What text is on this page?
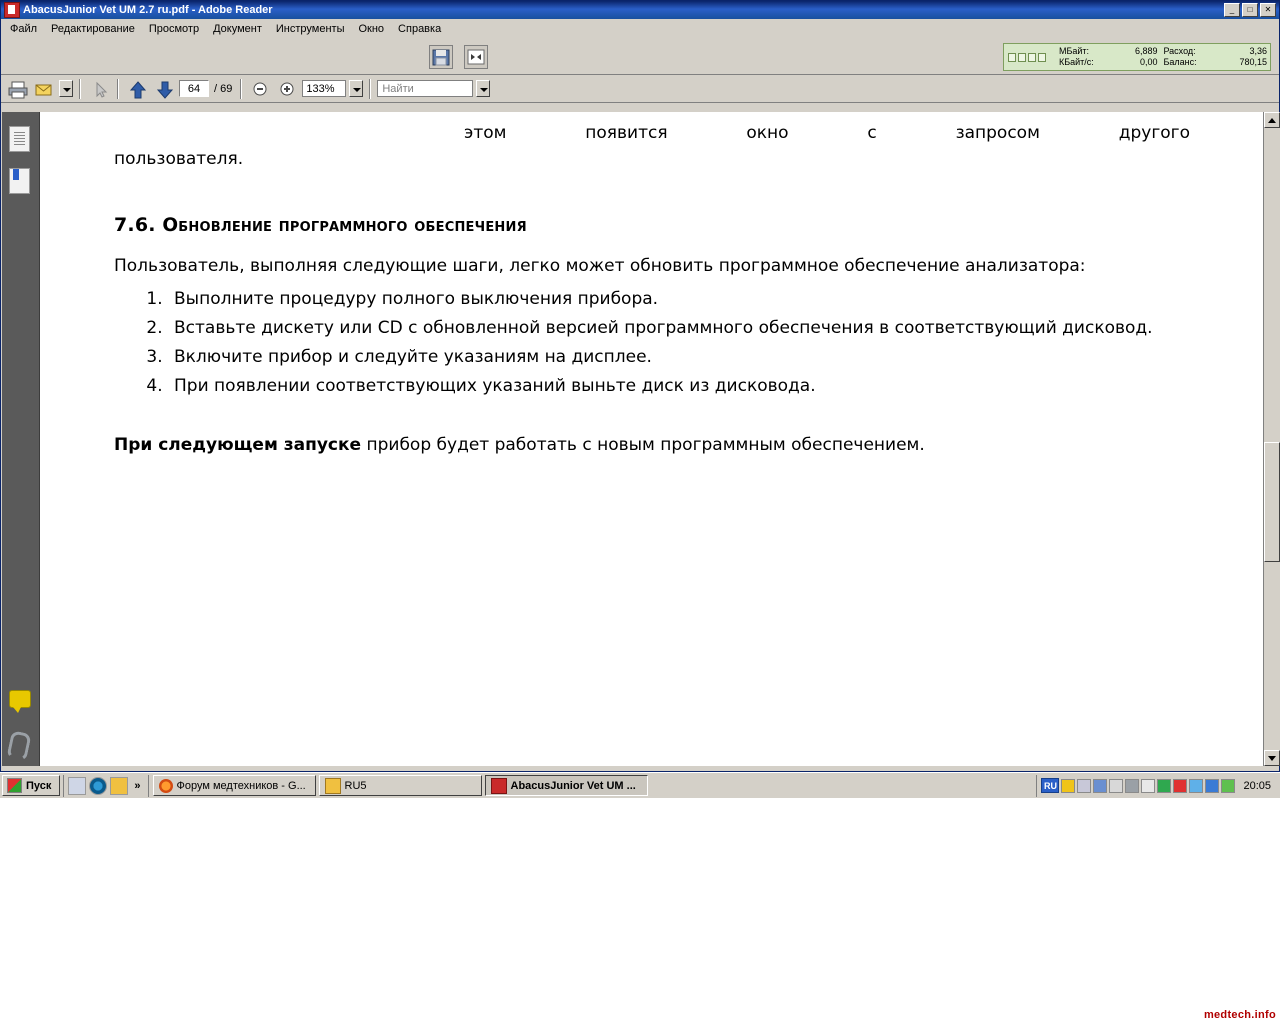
AbacusJunior Vet UM 2.7 ru.pdf - Adobe Reader	_	□	✕
Файл	Редактирование	Просмотр	Документ	Инструменты	Окно	Справка
МБайт:	6,889	Расход:	3,36
КБайт/с:	0,00	Баланс:	780,15
64	/ 69	133%	Найти
этом	появится	окно	с	запросом	другого
пользователя.
7.6. Обновление программного обеспечения

Пользователь, выполняя следующие шаги, легко может обновить программное обеспечение анализатора:

1. Выполните процедуру полного выключения прибора.
2. Вставьте дискету или CD с обновленной версией программного обеспечения в соответствующий дисковод.
3. Включите прибор и следуйте указаниям на дисплее.
4. При появлении соответствующих указаний выньте диск из дисковода.

При следующем запуске прибор будет работать с новым программным обеспечением.

Пуск	»	Форум медтехников - G...	RU5	AbacusJunior Vet UM ...	RU	20:05
medtech.info
